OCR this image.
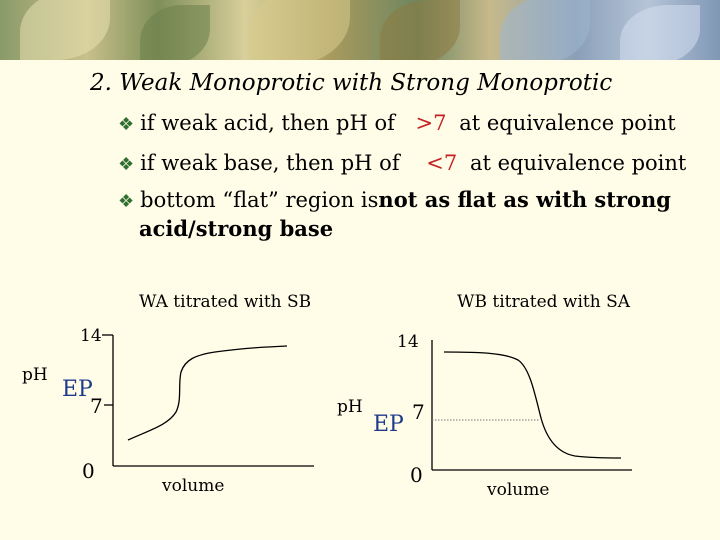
2. Weak Monoprotic with Strong Monoprotic
❖ if weak acid, then pH of >7 at equivalence point
❖ if weak base, then pH of <7 at equivalence point
❖ bottom “flat” region isnot as flat as with strong
acid/strong base
WA titrated with SB
14
pH
EP
7
0
volume
WB titrated with SA
14
pH
EP 7
0
volume
